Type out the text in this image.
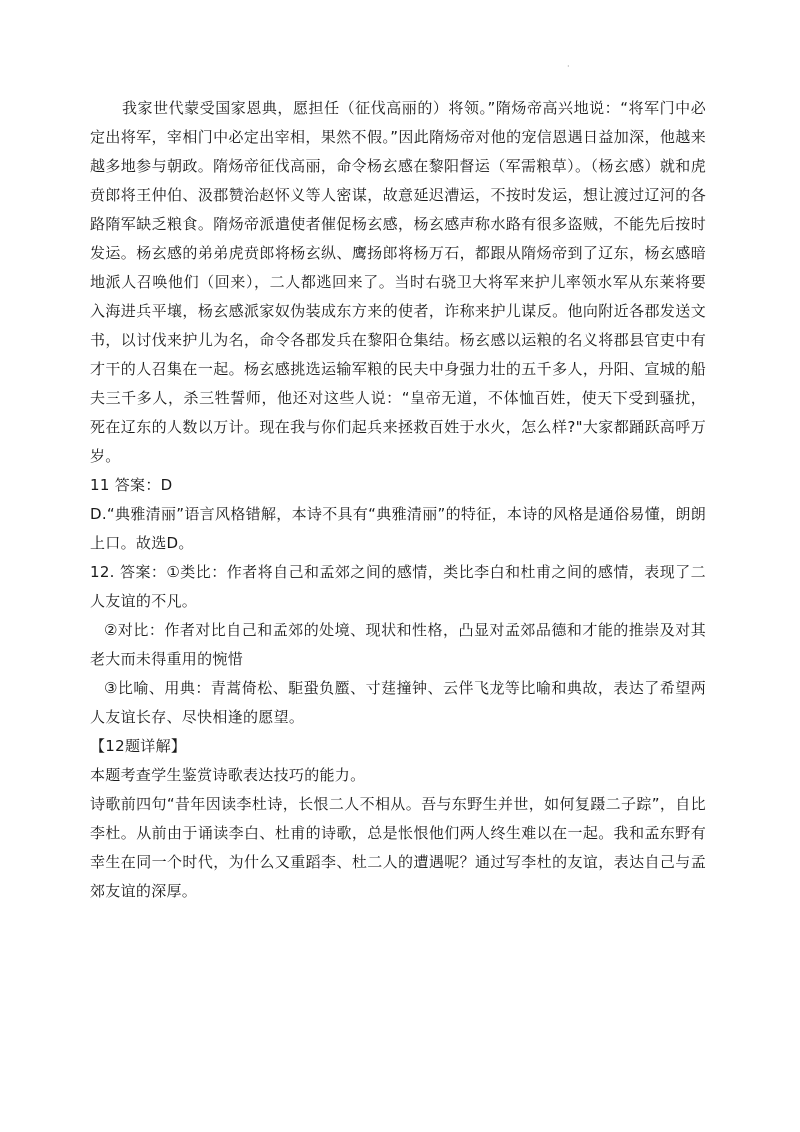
·

我家世代蒙受国家恩典，愿担任（征伐高丽的）将领。”隋炀帝高兴地说：“将军门中必定出将军，宰相门中必定出宰相，果然不假。”因此隋炀帝对他的宠信恩遇日益加深，他越来越多地参与朝政。隋炀帝征伐高丽，命令杨玄感在黎阳督运（军需粮草）。（杨玄感）就和虎贲郎将王仲伯、汲郡赞治赵怀义等人密谋，故意延迟漕运，不按时发运，想让渡过辽河的各路隋军缺乏粮食。隋炀帝派遣使者催促杨玄感，杨玄感声称水路有很多盗贼，不能先后按时发运。杨玄感的弟弟虎贲郎将杨玄纵、鹰扬郎将杨万石，都跟从隋炀帝到了辽东，杨玄感暗地派人召唤他们（回来），二人都逃回来了。当时右骁卫大将军来护儿率领水军从东莱将要入海进兵平壤，杨玄感派家奴伪装成东方来的使者，诈称来护儿谋反。他向附近各郡发送文书，以讨伐来护儿为名，命令各郡发兵在黎阳仓集结。杨玄感以运粮的名义将郡县官吏中有才干的人召集在一起。杨玄感挑选运输军粮的民夫中身强力壮的五千多人，丹阳、宣城的船夫三千多人，杀三牲誓师，他还对这些人说：“皇帝无道，不体恤百姓，使天下受到骚扰，死在辽东的人数以万计。现在我与你们起兵来拯救百姓于水火，怎么样?"大家都踊跃高呼万岁。

11 答案：D

D.“典雅清丽”语言风格错解，本诗不具有“典雅清丽”的特征，本诗的风格是通俗易懂，朗朗上口。故选D。

12. 答案：①类比：作者将自己和孟郊之间的感情，类比李白和杜甫之间的感情，表现了二人友谊的不凡。

②对比：作者对比自己和孟郊的处境、现状和性格，凸显对孟郊品德和才能的推崇及对其老大而未得重用的惋惜

③比喻、用典：青蒿倚松、駏蛩负蟨、寸莛撞钟、云伴飞龙等比喻和典故，表达了希望两人友谊长存、尽快相逢的愿望。

【12题详解】

本题考查学生鉴赏诗歌表达技巧的能力。

诗歌前四句“昔年因读李杜诗，长恨二人不相从。吾与东野生并世，如何复蹑二子踪”，自比李杜。从前由于诵读李白、杜甫的诗歌，总是怅恨他们两人终生难以在一起。我和孟东野有幸生在同一个时代，为什么又重蹈李、杜二人的遭遇呢？通过写李杜的友谊，表达自己与孟郊友谊的深厚。
